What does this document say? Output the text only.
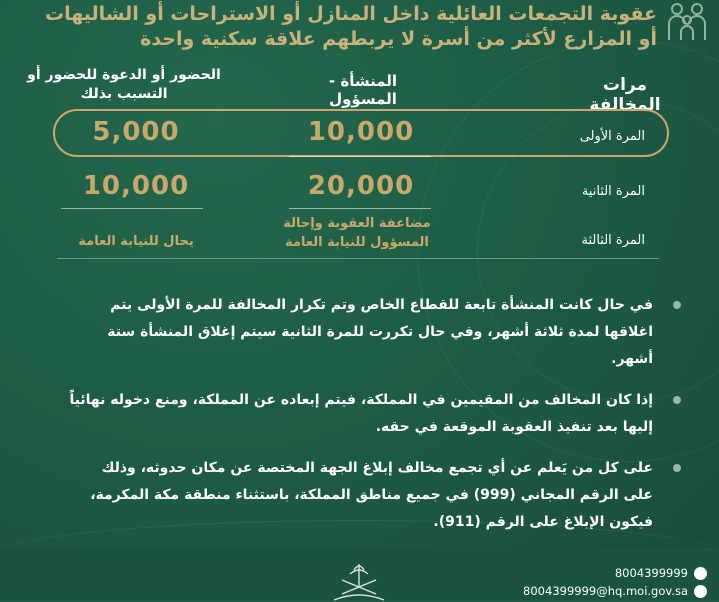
عقوبة التجمعات العائلية داخل المنازل أو الاستراحات أو الشاليهات
أو المزارع لأكثر من أسرة لا يربطهم علاقة سكنية واحدة
مرات المخالفة
المنشأة - المسؤول
الحضور أو الدعوة للحضور أو التسبب بذلك
المرة الأولى
10,000
5,000
المرة الثانية
20,000
10,000
المرة الثالثة
مضاعفة العقوبة وإحالة المسؤول للنيابة العامة
يحال للنيابة العامة
في حال كانت المنشأة تابعة للقطاع الخاص وتم تكرار المخالفة للمرة الأولى يتم اغلاقها لمدة ثلاثة أشهر، وفي حال تكررت للمرة الثانية سيتم إغلاق المنشأة ستة أشهر.
إذا كان المخالف من المقيمين في المملكة، فيتم إبعاده عن المملكة، ومنع دخوله نهائياً إليها بعد تنفيذ العقوبة الموقعة في حقه.
على كل من يَعلم عن أي تجمع مخالف إبلاغ الجهة المختصة عن مكان حدوثه، وذلك على الرقم المجاني (999) في جميع مناطق المملكة، باستثناء منطقة مكة المكرمة، فيكون الإبلاغ على الرقم (911).
8004399999
8004399999@hq.moi.gov.sa
